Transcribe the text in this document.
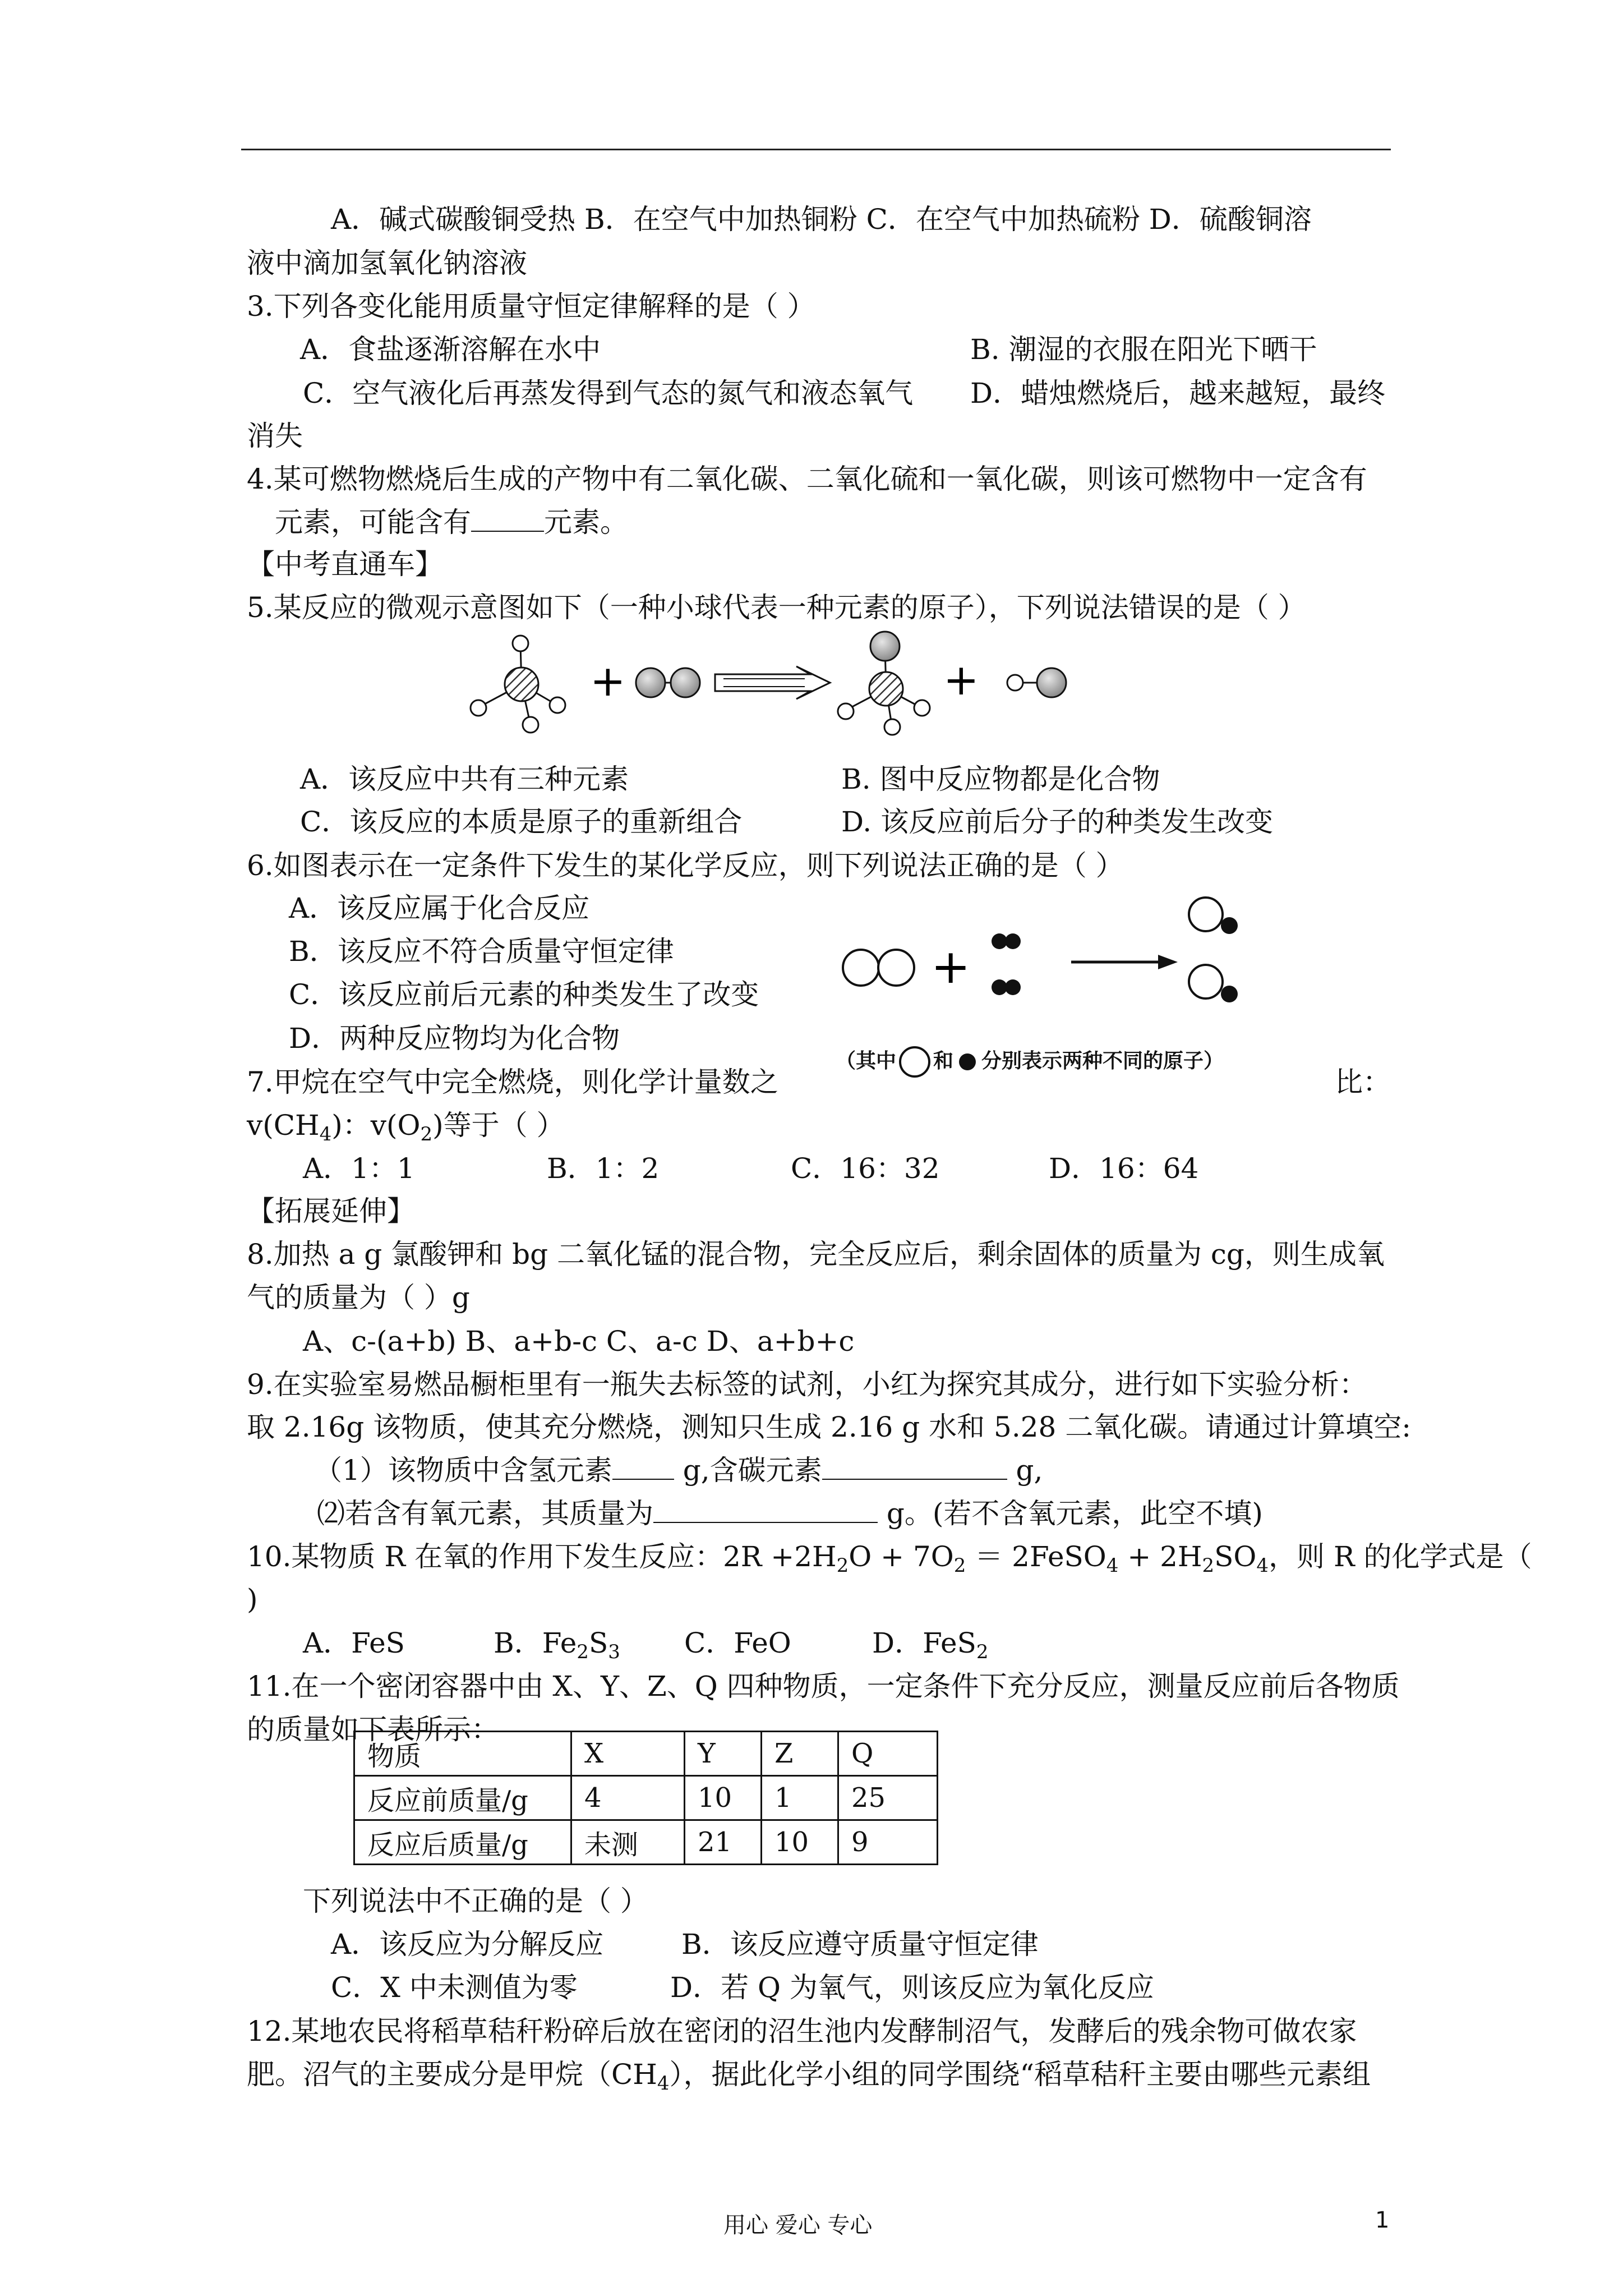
A．碱式碳酸铜受热 B．在空气中加热铜粉 C．在空气中加热硫粉 D．硫酸铜溶

液中滴加氢氧化钠溶液

3.下列各变化能用质量守恒定律解释的是（ ）

A．食盐逐渐溶解在水中	B. 潮湿的衣服在阳光下晒干

C．空气液化后再蒸发得到气态的氮气和液态氧气 D．蜡烛燃烧后，越来越短，最终

消失

4.某可燃物燃烧后生成的产物中有二氧化碳、二氧化硫和一氧化碳，则该可燃物中一定含有

元素，可能含有	元素。

【中考直通车】

5.某反应的微观示意图如下（一种小球代表一种元素的原子），下列说法错误的是（ ）

+	+

A．该反应中共有三种元素	B. 图中反应物都是化合物

C．该反应的本质是原子的重新组合	D. 该反应前后分子的种类发生改变

6.如图表示在一定条件下发生的某化学反应，则下列说法正确的是（ ）

A．该反应属于化合反应

B．该反应不符合质量守恒定律

C．该反应前后元素的种类发生了改变

D．两种反应物均为化合物

+
（其中 和 分别表示两种不同的原子）

7.甲烷在空气中完全燃烧，则化学计量数之	比：

$v(CH_4)$：$v(O_2)$等于（ ）

A．1：1	B．1：2	C．16：32	D．16：64

【拓展延伸】

8.加热 a g 氯酸钾和 bg 二氧化锰的混合物，完全反应后，剩余固体的质量为 cg，则生成氧

气的质量为（ ）g

A、c-(a+b) B、a+b-c C、a-c D、a+b+c

9.在实验室易燃品橱柜里有一瓶失去标签的试剂，小红为探究其成分，进行如下实验分析：

取 2.16g 该物质，使其充分燃烧，测知只生成 2.16 g 水和 5.28 二氧化碳。请通过计算填空:

（1）该物质中含氢元素 g,含碳元素	g,

⑵若含有氧元素，其质量为	g。(若不含氧元素，此空不填)

10.某物质 R 在氧的作用下发生反应：$2R +2H_2O + 7O_2$ ＝ 2FeSO$_4$ + $2H_2SO_4$，则 R 的化学式是（

)

A．FeS	B．$Fe_2S_3$ C．FeO	D．FeS$_2$

11.在一个密闭容器中由 X、Y、Z、Q 四种物质，一定条件下充分反应，测量反应前后各物质

的质量如下表所示：

物质	X	Y	Z	Q
反应前质量/g	4	10	1	25
反应后质量/g	未测	21	10	9

下列说法中不正确的是（ ）

A．该反应为分解反应	B．该反应遵守质量守恒定律

C．X 中未测值为零	D．若 Q 为氧气，则该反应为氧化反应

12.某地农民将稻草秸秆粉碎后放在密闭的沼生池内发酵制沼气，发酵后的残余物可做农家

肥。沼气的主要成分是甲烷$(CH_4)$，据此化学小组的同学围绕“稻草秸秆主要由哪些元素组

用心 爱心 专心	1
